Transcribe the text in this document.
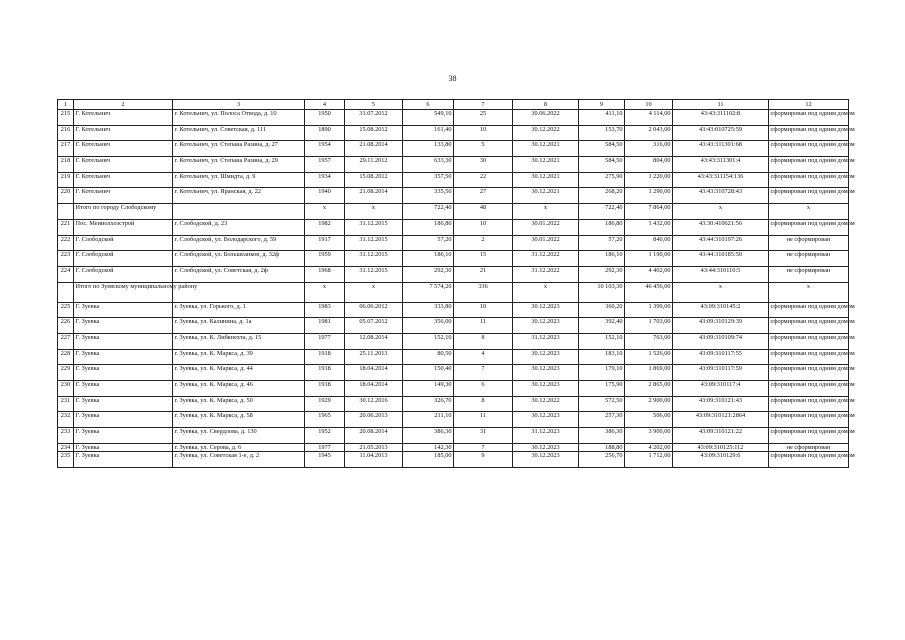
38
1	2	3	4	5	6	7	8	9	10	11	12
215	Г. Котельнич	г. Котельнич, ул. Полоса Отвода, д. 10	1950	31.07.2012	549,10	25	30.06.2022	411,10	4 114,00	43:43:311102:8	сформирован под одним домом
216	Г. Котельнич	г. Котельнич, ул. Советская, д. 111	1890	15.08.2012	161,40	10	30.12.2022	153,70	2 043,00	43:43:010725:59	сформирован под одним домом
217	Г. Котельнич	г. Котельнич, ул. Степана Разина, д. 27	1954	21.08.2014	133,80	5	30.12.2021	584,50	316,00	43:43:311301:68	сформирован под одним домом
218	Г. Котельнич	г. Котельнич, ул. Степана Разина, д. 29	1957	29.11.2012	633,30	30	30.12.2021	584,50	804,00	43:43:311301:4	сформирован под одним домом
219	Г. Котельнич	г. Котельнич, ул. Шмидта, д. 9	1934	15.08.2012	357,50	22	30.12.2021	275,90	1 220,00	43:43:311154:136	сформирован под одним домом
220	Г. Котельнич	г. Котельнич, ул. Яранская, д. 22	1940	21.08.2014	335,50	27	30.12.2021	268,20	1 290,00	43:43:310728:43	сформирован под одним домом
	Итого по городу Слободскому		х	х	722,40	48	х	722,40	7 864,00	х	х
221	Пос. Меииолхозстрой	г. Слободской, д. 23	1982	31.12.2015	186,80	10	30.01.2022	186,80	1 432,00	43:30:410621:56	сформирован под одним домом
222	Г. Слободской	г. Слободской, ул. Володарского, д. 59	1917	31.12.2015	57,20	2	30.01.2022	57,20	840,00	43:44:310197:26	не сформирован
223	Г. Слободской	г. Слободской, ул. Большеанков, д. 32ф	1959	31.12.2015	186,10	15	31.12.2022	186,10	1 190,00	43:44:310185:50	не сформирован
224	Г. Слободской	г. Слободской, ул. Советская, д. 2ф	1968	31.12.2015	292,30	21	31.12.2022	292,30	4 402,00	43:44:310110:5	не сформирован
	Итого по Зуевскому муниципальному району		х	х	7 574,20	336	х	10 103,30	46 456,00	х	х
225	Г. Зуевка	г. Зуевка, ул. Горького, д. 1	1983	06.06.2012	333,80	10	30.12.2023	360,20	1 399,00	43:09:310145:2	сформирован под одним домом
226	Г. Зуевка	г. Зуевка, ул. Калинина, д. 1а	1981	05.07.2012	356,00	11	30.12.2023	392,40	1 703,00	43:09:310129:39	сформирован под одним домом
227	Г. Зуевка	г. Зуевка, ул. К. Либкнехта, д. 15	1977	12.08.2014	152,10	8	31.12.2023	152,10	763,00	43:09:310109:74	сформирован под одним домом
228	Г. Зуевка	г. Зуевка, ул. К. Маркса, д. 39	1918	25.11.2013	80,50	4	30.12.2023	183,10	1 526,00	43:09:310117:55	сформирован под одним домом
229	Г. Зуевка	г. Зуевка, ул. К. Маркса, д. 44	1918	18.04.2014	150,40	7	30.12.2023	179,10	1 869,00	43:09:310117:59	сформирован под одним домом
230	Г. Зуевка	г. Зуевка, ул. К. Маркса, д. 46	1918	18.04.2014	149,30	6	30.12.2023	175,90	2 865,00	43:09:310117:4	сформирован под одним домом
231	Г. Зуевка	г. Зуевка, ул. К. Маркса, д. 50	1929	30.12.2016	326,70	8	30.12.2022	572,50	2 900,00	43:09:310121:43	сформирован под одним домом
232	Г. Зуевка	г. Зуевка, ул. К. Маркса, д. 58	1965	20.06.2013	211,10	11	30.12.2023	257,30	506,00	43:09:310121:2864	сформирован под одним домом
233	Г. Зуевка	г. Зуевка, ул. Свердлова, д. 130	1952	20.08.2014	386,30	31	31.12.2023	386,30	3 900,00	43:09:310121:22	сформирован под одним домом
234	Г. Зуевка	г. Зуевка, ул. Серова, д. 6	1977	21.05.2013	142,30	7	30.12.2023	188,80	4 202,00	43:09:310125:112	не сформирован
235	Г. Зуевка	г. Зуевка, ул. Советская 1-е, д. 2	1945	11.04.2013	185,00	9	30.12.2023	256,70	1 712,00	43:09:310129:6	сформирован под одним домом
